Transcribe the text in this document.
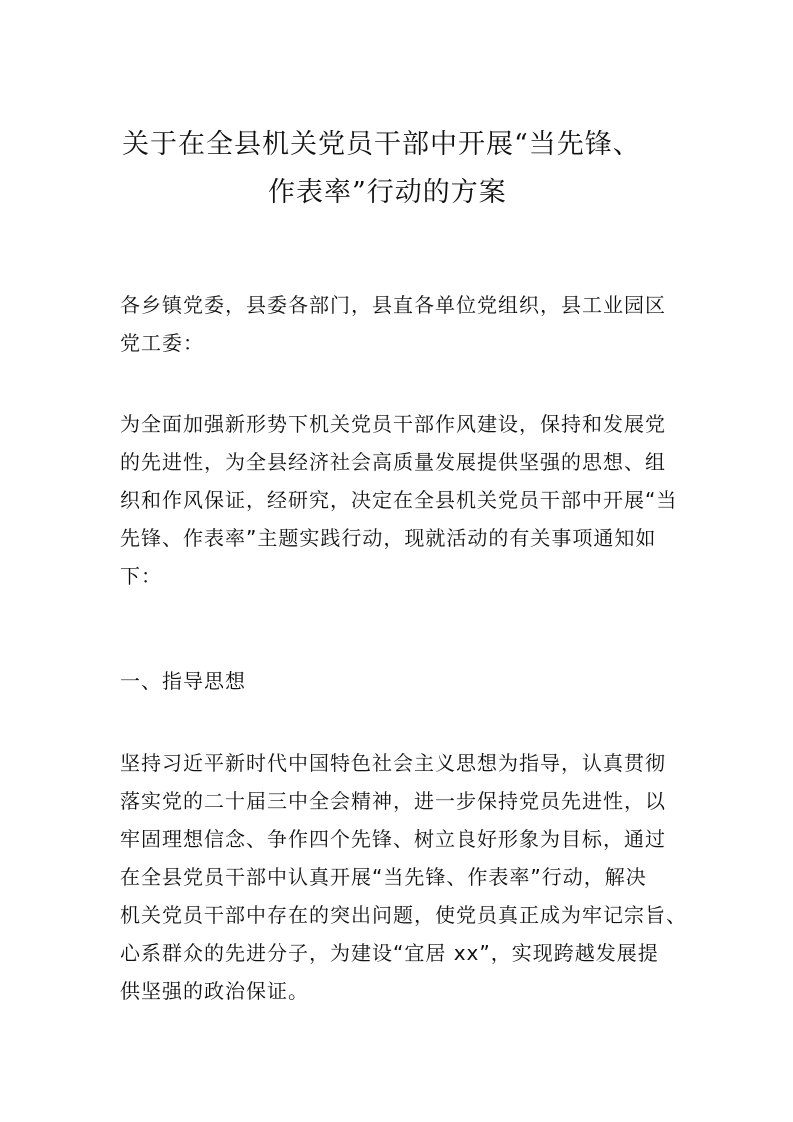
关于在全县机关党员干部中开展“当先锋、
作表率”行动的方案

各乡镇党委，县委各部门，县直各单位党组织，县工业园区
党工委：

为全面加强新形势下机关党员干部作风建设，保持和发展党
的先进性，为全县经济社会高质量发展提供坚强的思想、组
织和作风保证，经研究，决定在全县机关党员干部中开展“当
先锋、作表率”主题实践行动，现就活动的有关事项通知如
下：

一、指导思想

坚持习近平新时代中国特色社会主义思想为指导，认真贯彻
落实党的二十届三中全会精神，进一步保持党员先进性，以
牢固理想信念、争作四个先锋、树立良好形象为目标，通过
在全县党员干部中认真开展“当先锋、作表率”行动，解决
机关党员干部中存在的突出问题，使党员真正成为牢记宗旨、
心系群众的先进分子，为建设“宜居 xx”，实现跨越发展提
供坚强的政治保证。
